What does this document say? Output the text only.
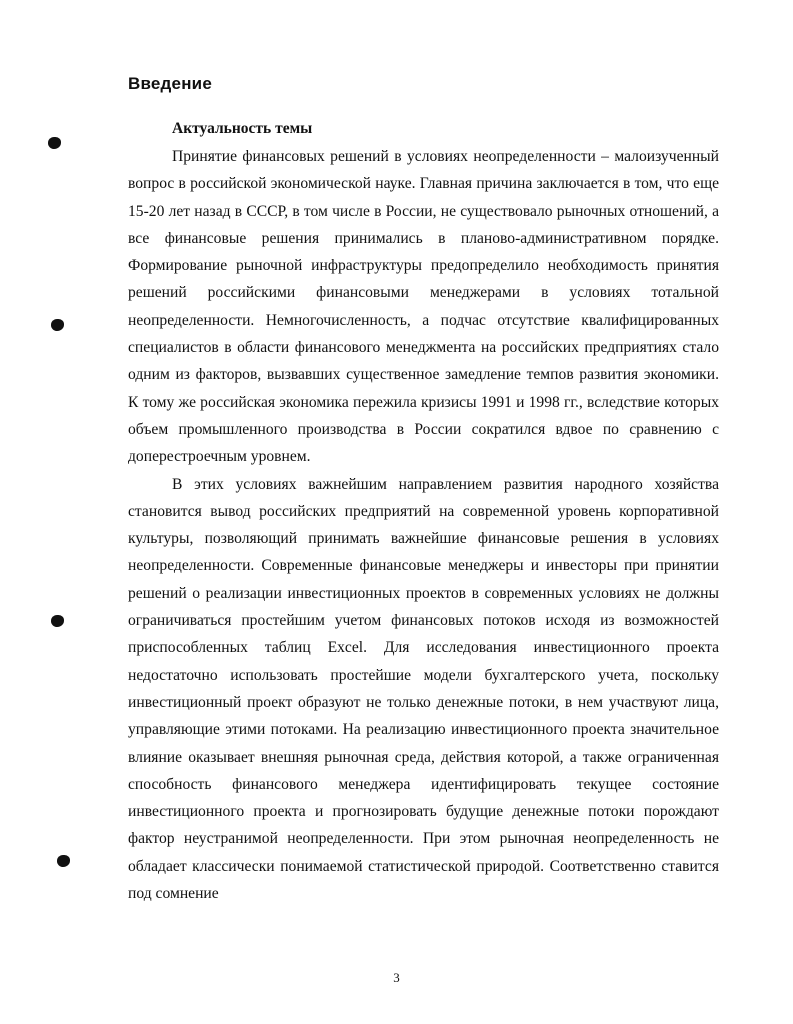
Введение
Актуальность темы

Принятие финансовых решений в условиях неопределенности – малоизученный вопрос в российской экономической науке. Главная причина заключается в том, что еще 15-20 лет назад в СССР, в том числе в России, не существовало рыночных отношений, а все финансовые решения принимались в планово-административном порядке. Формирование рыночной инфраструктуры предопределило необходимость принятия решений российскими финансовыми менеджерами в условиях тотальной неопределенности. Немногочисленность, а подчас отсутствие квалифицированных специалистов в области финансового менеджмента на российских предприятиях стало одним из факторов, вызвавших существенное замедление темпов развития экономики. К тому же российская экономика пережила кризисы 1991 и 1998 гг., вследствие которых объем промышленного производства в России сократился вдвое по сравнению с доперестроечным уровнем.

В этих условиях важнейшим направлением развития народного хозяйства становится вывод российских предприятий на современной уровень корпоративной культуры, позволяющий принимать важнейшие финансовые решения в условиях неопределенности. Современные финансовые менеджеры и инвесторы при принятии решений о реализации инвестиционных проектов в современных условиях не должны ограничиваться простейшим учетом финансовых потоков исходя из возможностей приспособленных таблиц Excel. Для исследования инвестиционного проекта недостаточно использовать простейшие модели бухгалтерского учета, поскольку инвестиционный проект образуют не только денежные потоки, в нем участвуют лица, управляющие этими потоками. На реализацию инвестиционного проекта значительное влияние оказывает внешняя рыночная среда, действия которой, а также ограниченная способность финансового менеджера идентифицировать текущее состояние инвестиционного проекта и прогнозировать будущие денежные потоки порождают фактор неустранимой неопределенности. При этом рыночная неопределенность не обладает классически понимаемой статистической природой. Соответственно ставится под сомнение

3
